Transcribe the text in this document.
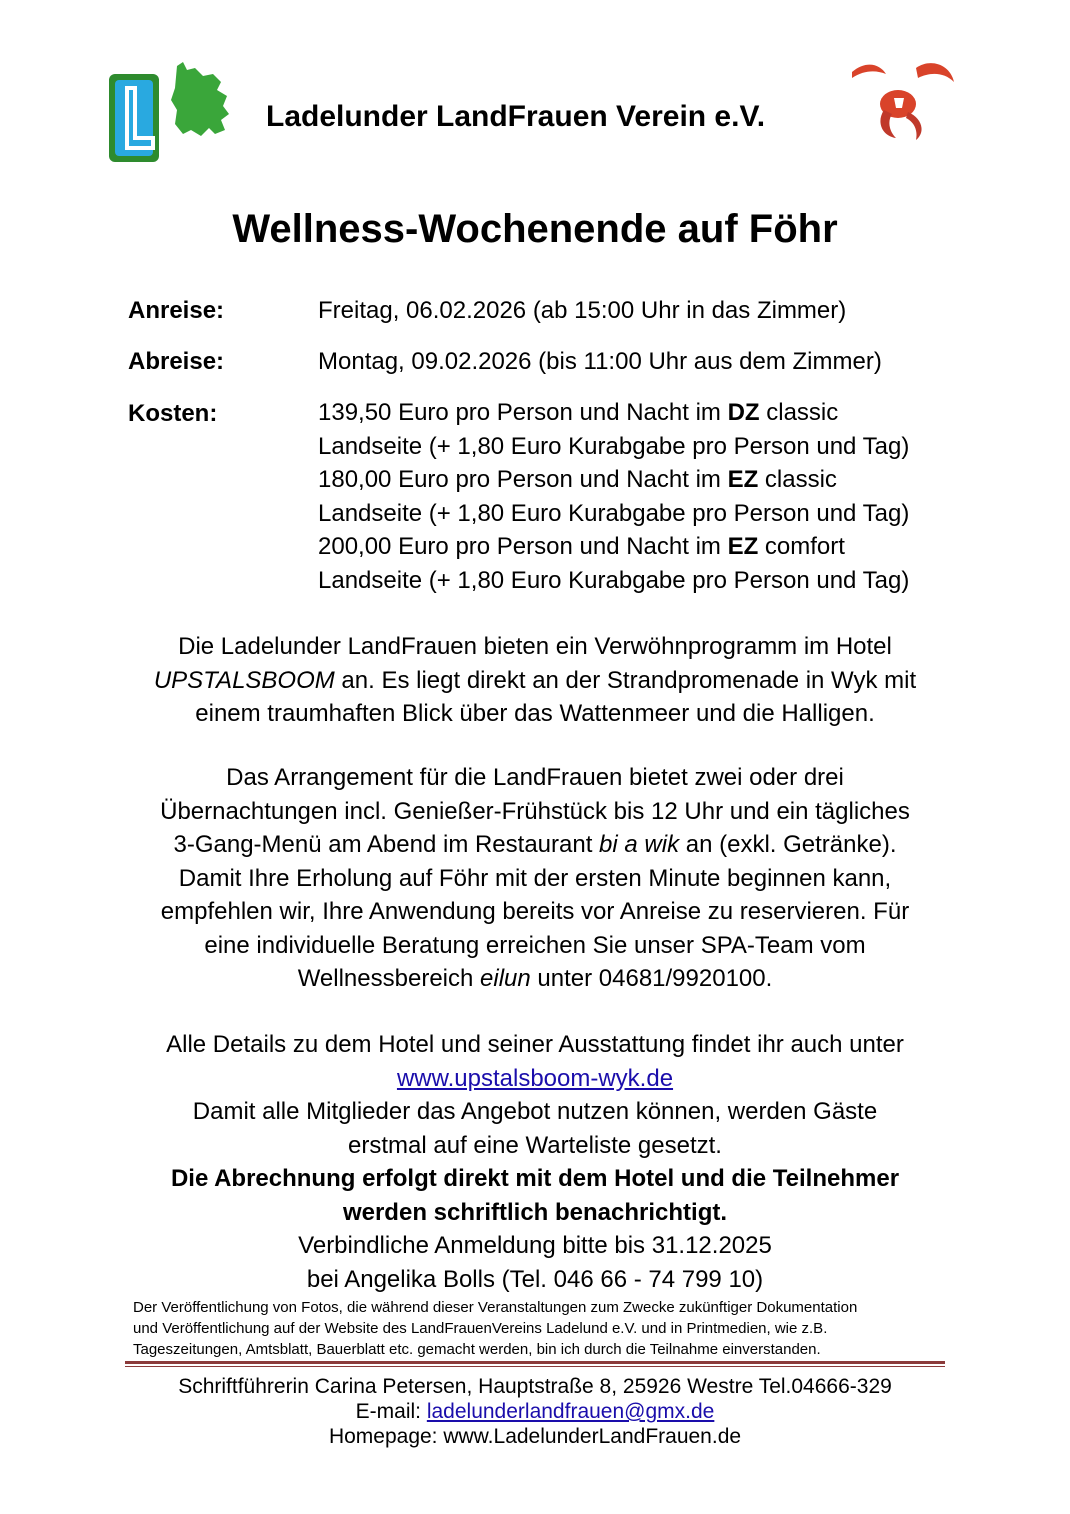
Ladelunder LandFrauen Verein e.V.
Wellness-Wochenende auf Föhr
Anreise:	Freitag, 06.02.2026 (ab 15:00 Uhr in das Zimmer)
Abreise:	Montag, 09.02.2026 (bis 11:00 Uhr aus dem Zimmer)
Kosten:	139,50 Euro pro Person und Nacht im DZ classic
Landseite (+ 1,80 Euro Kurabgabe pro Person und Tag)
180,00 Euro pro Person und Nacht im EZ classic
Landseite (+ 1,80 Euro Kurabgabe pro Person und Tag)
200,00 Euro pro Person und Nacht im EZ comfort
Landseite (+ 1,80 Euro Kurabgabe pro Person und Tag)

Die Ladelunder LandFrauen bieten ein Verwöhnprogramm im Hotel

UPSTALSBOOM an. Es liegt direkt an der Strandpromenade in Wyk mit

einem traumhaften Blick über das Wattenmeer und die Halligen.

Das Arrangement für die LandFrauen bietet zwei oder drei

Übernachtungen incl. Genießer-Frühstück bis 12 Uhr und ein tägliches

3-Gang-Menü am Abend im Restaurant bi a wik an (exkl. Getränke).

Damit Ihre Erholung auf Föhr mit der ersten Minute beginnen kann,

empfehlen wir, Ihre Anwendung bereits vor Anreise zu reservieren. Für

eine individuelle Beratung erreichen Sie unser SPA-Team vom

Wellnessbereich eilun unter 04681/9920100.

Alle Details zu dem Hotel und seiner Ausstattung findet ihr auch unter

www.upstalsboom-wyk.de

Damit alle Mitglieder das Angebot nutzen können, werden Gäste

erstmal auf eine Warteliste gesetzt.

Die Abrechnung erfolgt direkt mit dem Hotel und die Teilnehmer

werden schriftlich benachrichtigt.

Verbindliche Anmeldung bitte bis 31.12.2025

bei Angelika Bolls (Tel. 046 66 - 74 799 10)

Der Veröffentlichung von Fotos, die während dieser Veranstaltungen zum Zwecke zukünftiger Dokumentation
und Veröffentlichung auf der Website des LandFrauenVereins Ladelund e.V. und in Printmedien, wie z.B.
Tageszeitungen, Amtsblatt, Bauerblatt etc. gemacht werden, bin ich durch die Teilnahme einverstanden.
Schriftführerin Carina Petersen, Hauptstraße 8, 25926 Westre Tel.04666-329
E-mail: ladelunderlandfrauen@gmx.de
Homepage: www.LadelunderLandFrauen.de
